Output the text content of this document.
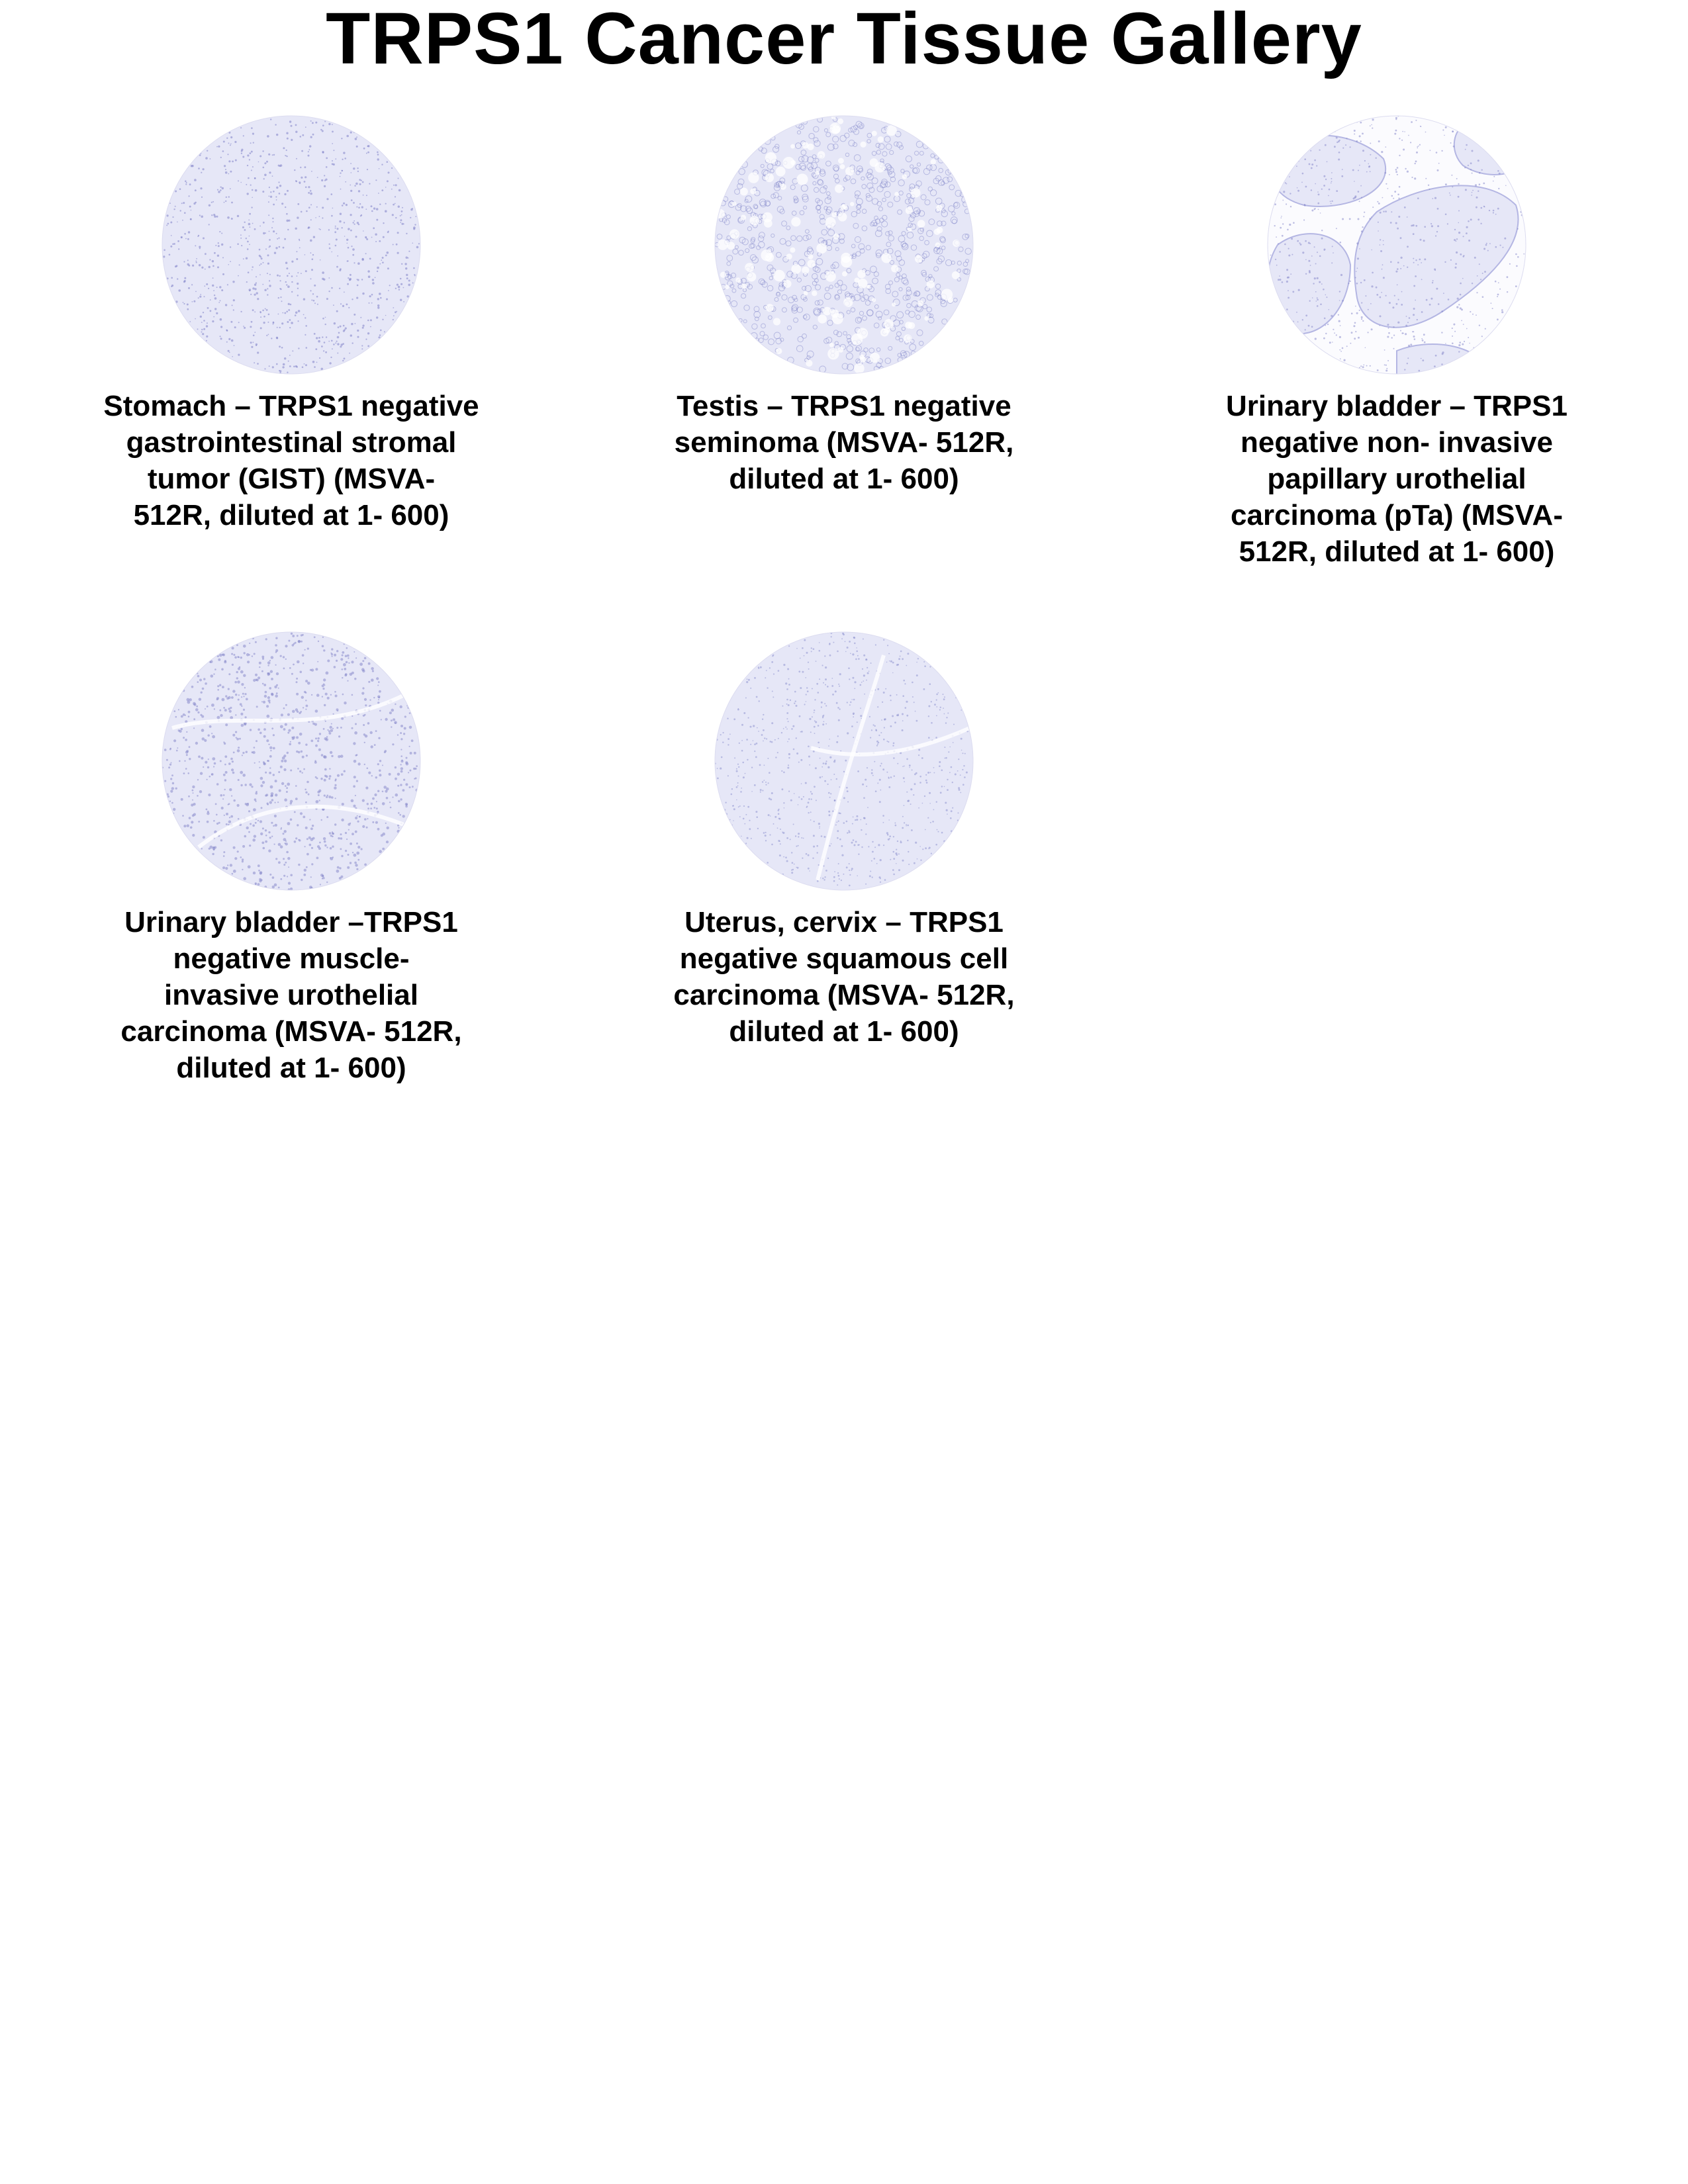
TRPS1 Cancer Tissue Gallery
Stomach – TRPS1 negative
gastrointestinal stromal
tumor (GIST) (MSVA-
512R, diluted at 1- 600)
Testis – TRPS1 negative
seminoma (MSVA- 512R,
diluted at 1- 600)
Urinary bladder – TRPS1
negative non- invasive
papillary urothelial
carcinoma (pTa) (MSVA-
512R, diluted at 1- 600)
Urinary bladder –TRPS1
negative muscle-
invasive urothelial
carcinoma (MSVA- 512R,
diluted at 1- 600)
Uterus, cervix – TRPS1
negative squamous cell
carcinoma (MSVA- 512R,
diluted at 1- 600)
